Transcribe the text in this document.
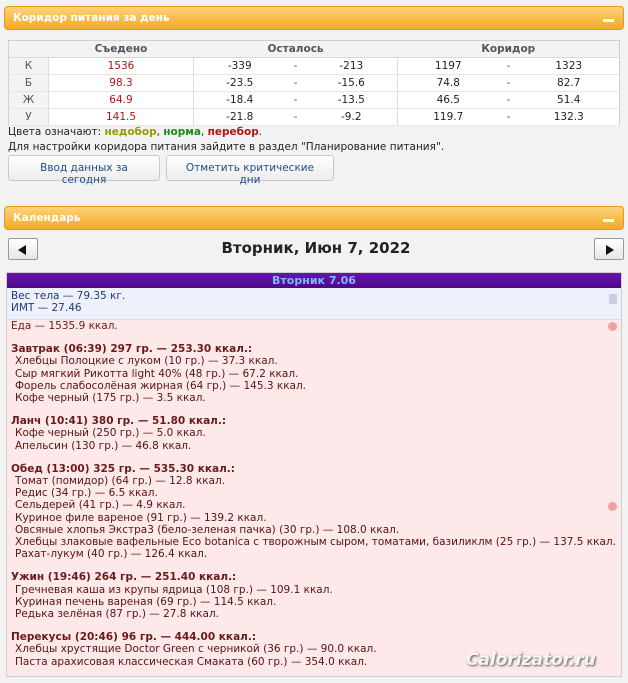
Коридор питания за день
	Съедено	Осталось			Коридор		
К	1536	-339	-	-213	1197	-	1323
Б	98.3	-23.5	-	-15.6	74.8	-	82.7
Ж	64.9	-18.4	-	-13.5	46.5	-	51.4
У	141.5	-21.8	-	-9.2	119.7	-	132.3
Цвета означают: недобор, норма, перебор.
Для настройки коридора питания зайдите в раздел "Планирование питания".
Ввод данных за сегодня
Отметить критические дни
Календарь
Вторник, Июн 7, 2022
Вторник 7.06
Вес тела — 79.35 кг.
ИМТ — 27.46
Еда — 1535.9 ккал.
Завтрак (06:39) 297 гр. — 253.30 ккал.:
Хлебцы Полоцкие с луком (10 гр.) — 37.3 ккал.
Сыр мягкий Рикотта light 40% (48 гр.) — 67.2 ккал.
Форель слабосолёная жирная (64 гр.) — 145.3 ккал.
Кофе черный (175 гр.) — 3.5 ккал.
Ланч (10:41) 380 гр. — 51.80 ккал.:
Кофе черный (250 гр.) — 5.0 ккал.
Апельсин (130 гр.) — 46.8 ккал.
Обед (13:00) 325 гр. — 535.30 ккал.:
Томат (помидор) (64 гр.) — 12.8 ккал.
Редис (34 гр.) — 6.5 ккал.
Сельдерей (41 гр.) — 4.9 ккал.
Куриное филе вареное (91 гр.) — 139.2 ккал.
Овсяные хлопья Экстра3 (бело-зеленая пачка) (30 гр.) — 108.0 ккал.
Хлебцы злаковые вафельные Eco botanica с творожным сыром, томатами, базиликлм (25 гр.) — 137.5 ккал.
Рахат-лукум (40 гр.) — 126.4 ккал.
Ужин (19:46) 264 гр. — 251.40 ккал.:
Гречневая каша из крупы ядрица (108 гр.) — 109.1 ккал.
Куриная печень вареная (69 гр.) — 114.5 ккал.
Редька зелёная (87 гр.) — 27.8 ккал.
Перекусы (20:46) 96 гр. — 444.00 ккал.:
Хлебцы хрустящие Doctor Green с черникой (36 гр.) — 90.0 ккал.
Паста арахисовая классическая Смаката (60 гр.) — 354.0 ккал.	Calorizator.ru
